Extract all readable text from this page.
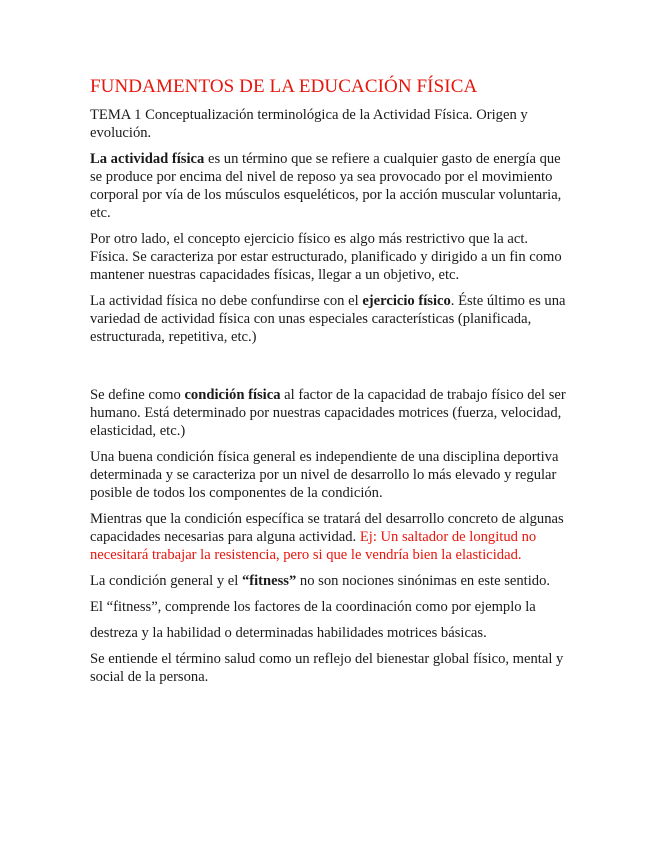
FUNDAMENTOS DE LA EDUCACIÓN FÍSICA

TEMA 1 Conceptualización terminológica de la Actividad Física. Origen y evolución.

La actividad física es un término que se refiere a cualquier gasto de energía que se produce por encima del nivel de reposo ya sea provocado por el movimiento corporal por vía de los músculos esqueléticos, por la acción muscular voluntaria, etc.

Por otro lado, el concepto ejercicio físico es algo más restrictivo que la act. Física. Se caracteriza por estar estructurado, planificado y dirigido a un fin como mantener nuestras capacidades físicas, llegar a un objetivo, etc.

La actividad física no debe confundirse con el ejercicio físico. Éste último es una variedad de actividad física con unas especiales características (planificada, estructurada, repetitiva, etc.)

Se define como condición física al factor de la capacidad de trabajo físico del ser humano. Está determinado por nuestras capacidades motrices (fuerza, velocidad, elasticidad, etc.)

Una buena condición física general es independiente de una disciplina deportiva determinada y se caracteriza por un nivel de desarrollo lo más elevado y regular posible de todos los componentes de la condición.

Mientras que la condición específica se tratará del desarrollo concreto de algunas capacidades necesarias para alguna actividad. Ej: Un saltador de longitud no necesitará trabajar la resistencia, pero si que le vendría bien la elasticidad.

La condición general y el “fitness” no son nociones sinónimas en este sentido.

El “fitness”, comprende los factores de la coordinación como por ejemplo la

destreza y la habilidad o determinadas habilidades motrices básicas.

Se entiende el término salud como un reflejo del bienestar global físico, mental y social de la persona.
